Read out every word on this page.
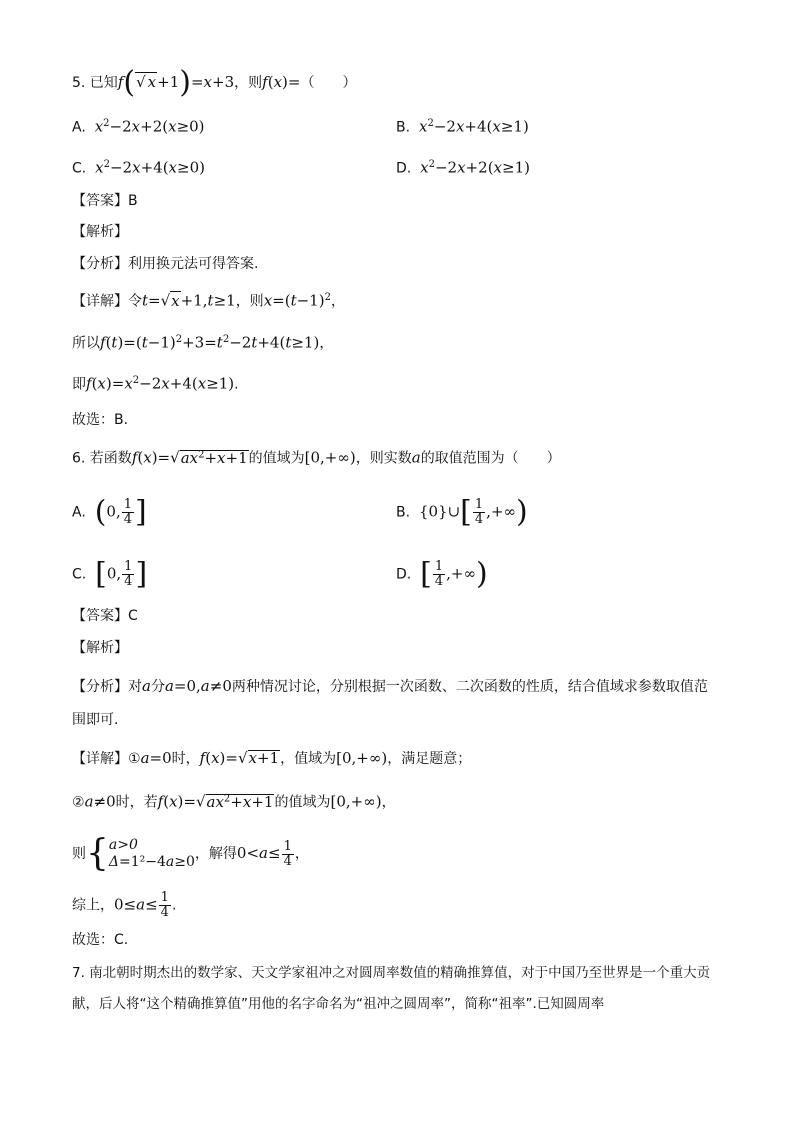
5. 已知f(√ x+1)=x+3，则f(x)=（　　）
A.  $x^2-2x+2(x\ge 0)$	B.  $x^2-2x+4(x\ge 1)$
C.  $x^2-2x+4(x\ge 0)$	D.  $x^2-2x+2(x\ge 1)$
【答案】B
【解析】
【分析】利用换元法可得答案.
【详解】令t=√x+1,t≥1，则$x=(t-1)^2$，
所以$f(t)=(t-1)^2+3=t^2-2t+4(t\ge 1)$，
即$f(x)=x^2-2x+4(x\ge 1)$.
故选：B.
6. 若函数$f(x)=√ax^2+x+1$的值域为[0,+∞)，则实数a的取值范围为（　　）
A.  (0, $\frac{1}{4}$ ]	B.  {0}∪[ $\frac{1}{4}$ ,+∞)
C.  [0, $\frac{1}{4}$ ]	D.  [ $\frac{1}{4}$ ,+∞)
【答案】C
【解析】
【分析】对a分a=0,a≠0两种情况讨论，分别根据一次函数、二次函数的性质，结合值域求参数取值范
围即可.
【详解】①a=0时，f(x)=√x+1，值域为[0,+∞)，满足题意；
②a≠0时，若$f(x)=√ax^2+x+1$的值域为[0,+∞)，
则 { a>0
Δ=1²−4a≥0 ，解得$0<a\le \frac{1}{4}$ ，
综上，$0\le a\le \frac{1}{4}$ .
故选：C.
7. 南北朝时期杰出的数学家、天文学家祖冲之对圆周率数值的精确推算值，对于中国乃至世界是一个重大贡
献，后人将“这个精确推算值”用他的名字命名为“祖冲之圆周率”，简称“祖率”.已知圆周率
